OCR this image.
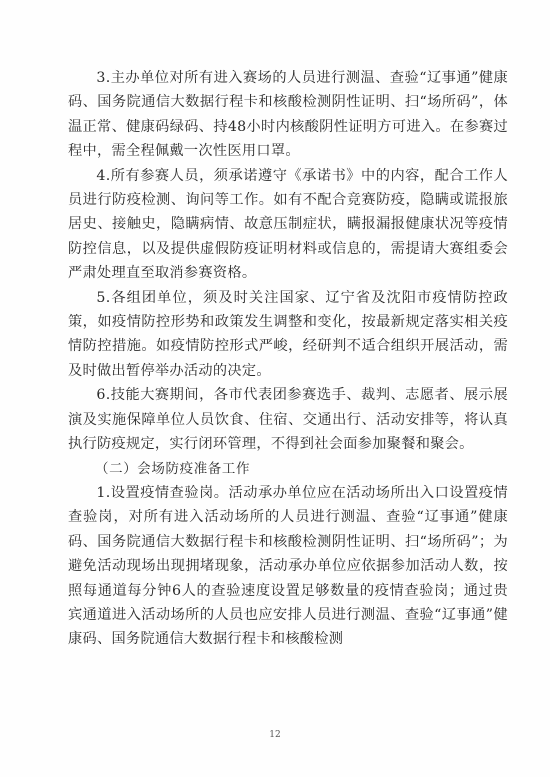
3.主办单位对所有进入赛场的人员进行测温、查验“辽事通”健康码、国务院通信大数据行程卡和核酸检测阴性证明、扫“场所码”，体温正常、健康码绿码、持48小时内核酸阴性证明方可进入。在参赛过程中，需全程佩戴一次性医用口罩。

4.所有参赛人员，须承诺遵守《承诺书》中的内容，配合工作人员进行防疫检测、询问等工作。如有不配合竞赛防疫，隐瞒或谎报旅居史、接触史，隐瞒病情、故意压制症状，瞒报漏报健康状况等疫情防控信息，以及提供虚假防疫证明材料或信息的，需提请大赛组委会严肃处理直至取消参赛资格。

5.各组团单位，须及时关注国家、辽宁省及沈阳市疫情防控政策，如疫情防控形势和政策发生调整和变化，按最新规定落实相关疫情防控措施。如疫情防控形式严峻，经研判不适合组织开展活动，需及时做出暂停举办活动的决定。

6.技能大赛期间，各市代表团参赛选手、裁判、志愿者、展示展演及实施保障单位人员饮食、住宿、交通出行、活动安排等，将认真执行防疫规定，实行闭环管理，不得到社会面参加聚餐和聚会。

（二）会场防疫准备工作

1.设置疫情查验岗。活动承办单位应在活动场所出入口设置疫情查验岗，对所有进入活动场所的人员进行测温、查验“辽事通”健康码、国务院通信大数据行程卡和核酸检测阴性证明、扫“场所码”；为避免活动现场出现拥堵现象，活动承办单位应依据参加活动人数，按照每通道每分钟6人的查验速度设置足够数量的疫情查验岗；通过贵宾通道进入活动场所的人员也应安排人员进行测温、查验“辽事通”健康码、国务院通信大数据行程卡和核酸检测

12
